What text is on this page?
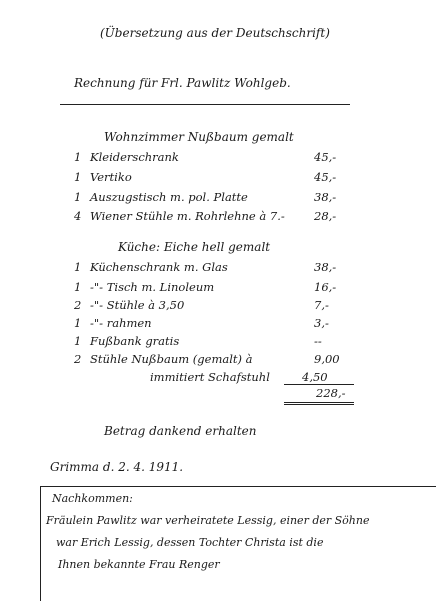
(Übersetzung aus der Deutschschrift)
Rechnung für Frl. Pawlitz Wohlgeb.
Wohnzimmer Nußbaum gemalt
1 Kleiderschrank	45,-
1 Vertiko	45,-
1 Auszugstisch m. pol. Platte	38,-
4 Wiener Stühle m. Rohrlehne à 7.-	28,-
Küche: Eiche hell gemalt
1 Küchenschrank m. Glas	38,-
1 -"- Tisch m. Linoleum	16,-
2 -"- Stühle à 3,50	7,-
1 -"- rahmen	3,-
1 Fußbank gratis	--
2 Stühle Nußbaum (gemalt) à	9,00
immitiert Schafstuhl	4,50
228,-
Betrag dankend erhalten
Grimma d. 2. 4. 1911.
Nachkommen:
Fräulein Pawlitz war verheiratete Lessig, einer der Söhne
war Erich Lessig, dessen Tochter Christa ist die
Ihnen bekannte Frau Renger
